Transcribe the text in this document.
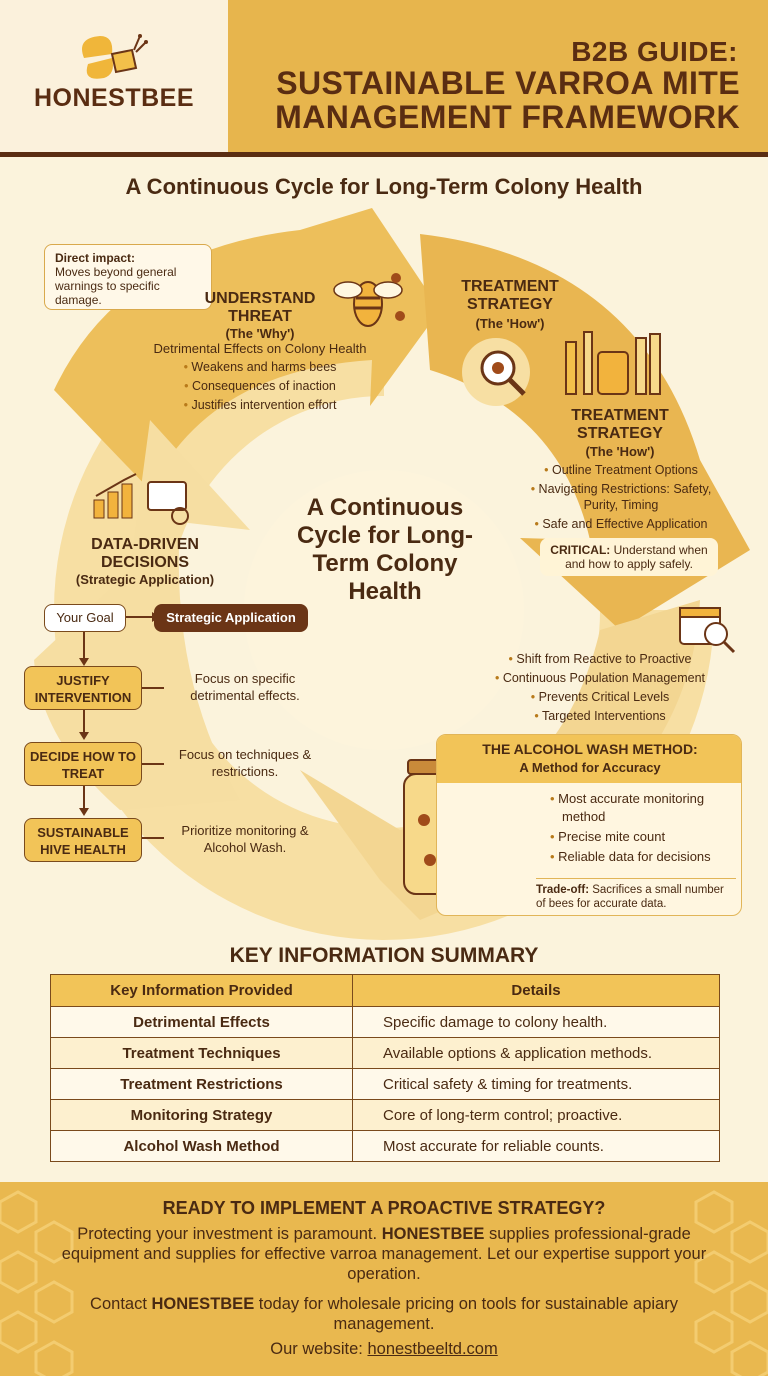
HONESTBEE
B2B GUIDE:
SUSTAINABLE VARROA MITE MANAGEMENT FRAMEWORK
A Continuous Cycle for Long-Term Colony Health
Direct impact:
Moves beyond general warnings to specific damage.	UNDERSTAND THREAT
(The 'Why')
Detrimental Effects on Colony Health
• Weakens and harms bees
• Consequences of inaction
• Justifies intervention effort
TREATMENT STRATEGY
(The 'How')
TREATMENT STRATEGY
(The 'How')
• Outline Treatment Options
• Navigating Restrictions: Safety, Purity, Timing
• Safe and Effective Application
CRITICAL: Understand when and how to apply safely.
A Continuous Cycle for Long-Term Colony Health
• Shift from Reactive to Proactive
• Continuous Population Management
• Prevents Critical Levels
• Targeted Interventions
DATA-DRIVEN DECISIONS
(Strategic Application)
Your Goal	Strategic Application
JUSTIFY INTERVENTION
Focus on specific detrimental effects.
DECIDE HOW TO TREAT
Focus on techniques & restrictions.
SUSTAINABLE HIVE HEALTH
Prioritize monitoring & Alcohol Wash.
THE ALCOHOL WASH METHOD:
A Method for Accuracy
• Most accurate monitoring method
• Precise mite count
• Reliable data for decisions
Trade-off: Sacrifices a small number of bees for accurate data.
KEY INFORMATION SUMMARY
Key Information Provided	Details
Detrimental Effects	Specific damage to colony health.
Treatment Techniques	Available options & application methods.
Treatment Restrictions	Critical safety & timing for treatments.
Monitoring Strategy	Core of long-term control; proactive.
Alcohol Wash Method	Most accurate for reliable counts.
READY TO IMPLEMENT A PROACTIVE STRATEGY?
Protecting your investment is paramount. HONESTBEE supplies professional-grade equipment and supplies for effective varroa management. Let our expertise support your operation.
Contact HONESTBEE today for wholesale pricing on tools for sustainable apiary management.
Our website: honestbeeltd.com
